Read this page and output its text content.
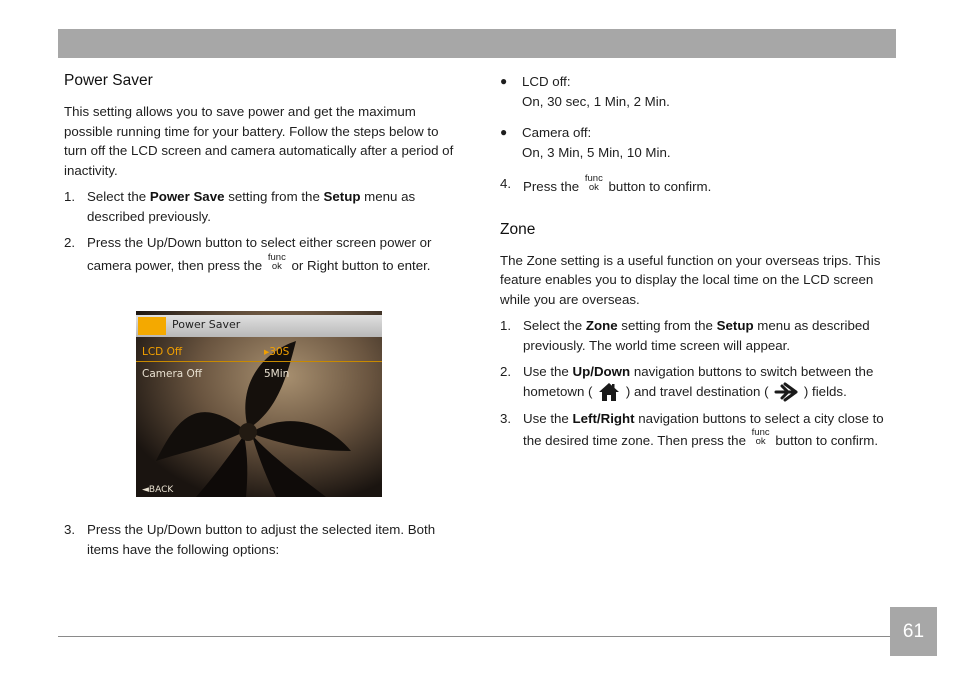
Power Saver

This setting allows you to save power and get the maximum possible running time for your battery. Follow the steps below to turn off the LCD screen and camera automatically after a period of inactivity.

1. Select the Power Save setting from the Setup menu as described previously.
2. Press the Up/Down button to select either screen power or camera power, then press the
func
ok or Right button to enter.
Power Saver
LCD Off	▸30S
Camera Off	5Min
◄BACK
3. Press the Up/Down button to adjust the selected item. Both items have the following options:
●	LCD off:
On, 30 sec, 1 Min, 2 Min.
●	Camera off:
On, 3 Min, 5 Min, 10 Min.
4. Press the
func
ok button to confirm.
Zone

The Zone setting is a useful function on your overseas trips. This feature enables you to display the local time on the LCD screen while you are overseas.

1. Select the Zone setting from the Setup menu as described previously. The world time screen will appear.
2. Use the Up/Down navigation buttons to switch between the hometown (  ) and travel destination (  ) fields.
3. Use the Left/Right navigation buttons to select a city close to the desired time zone. Then press the
func
ok button to confirm.
61
